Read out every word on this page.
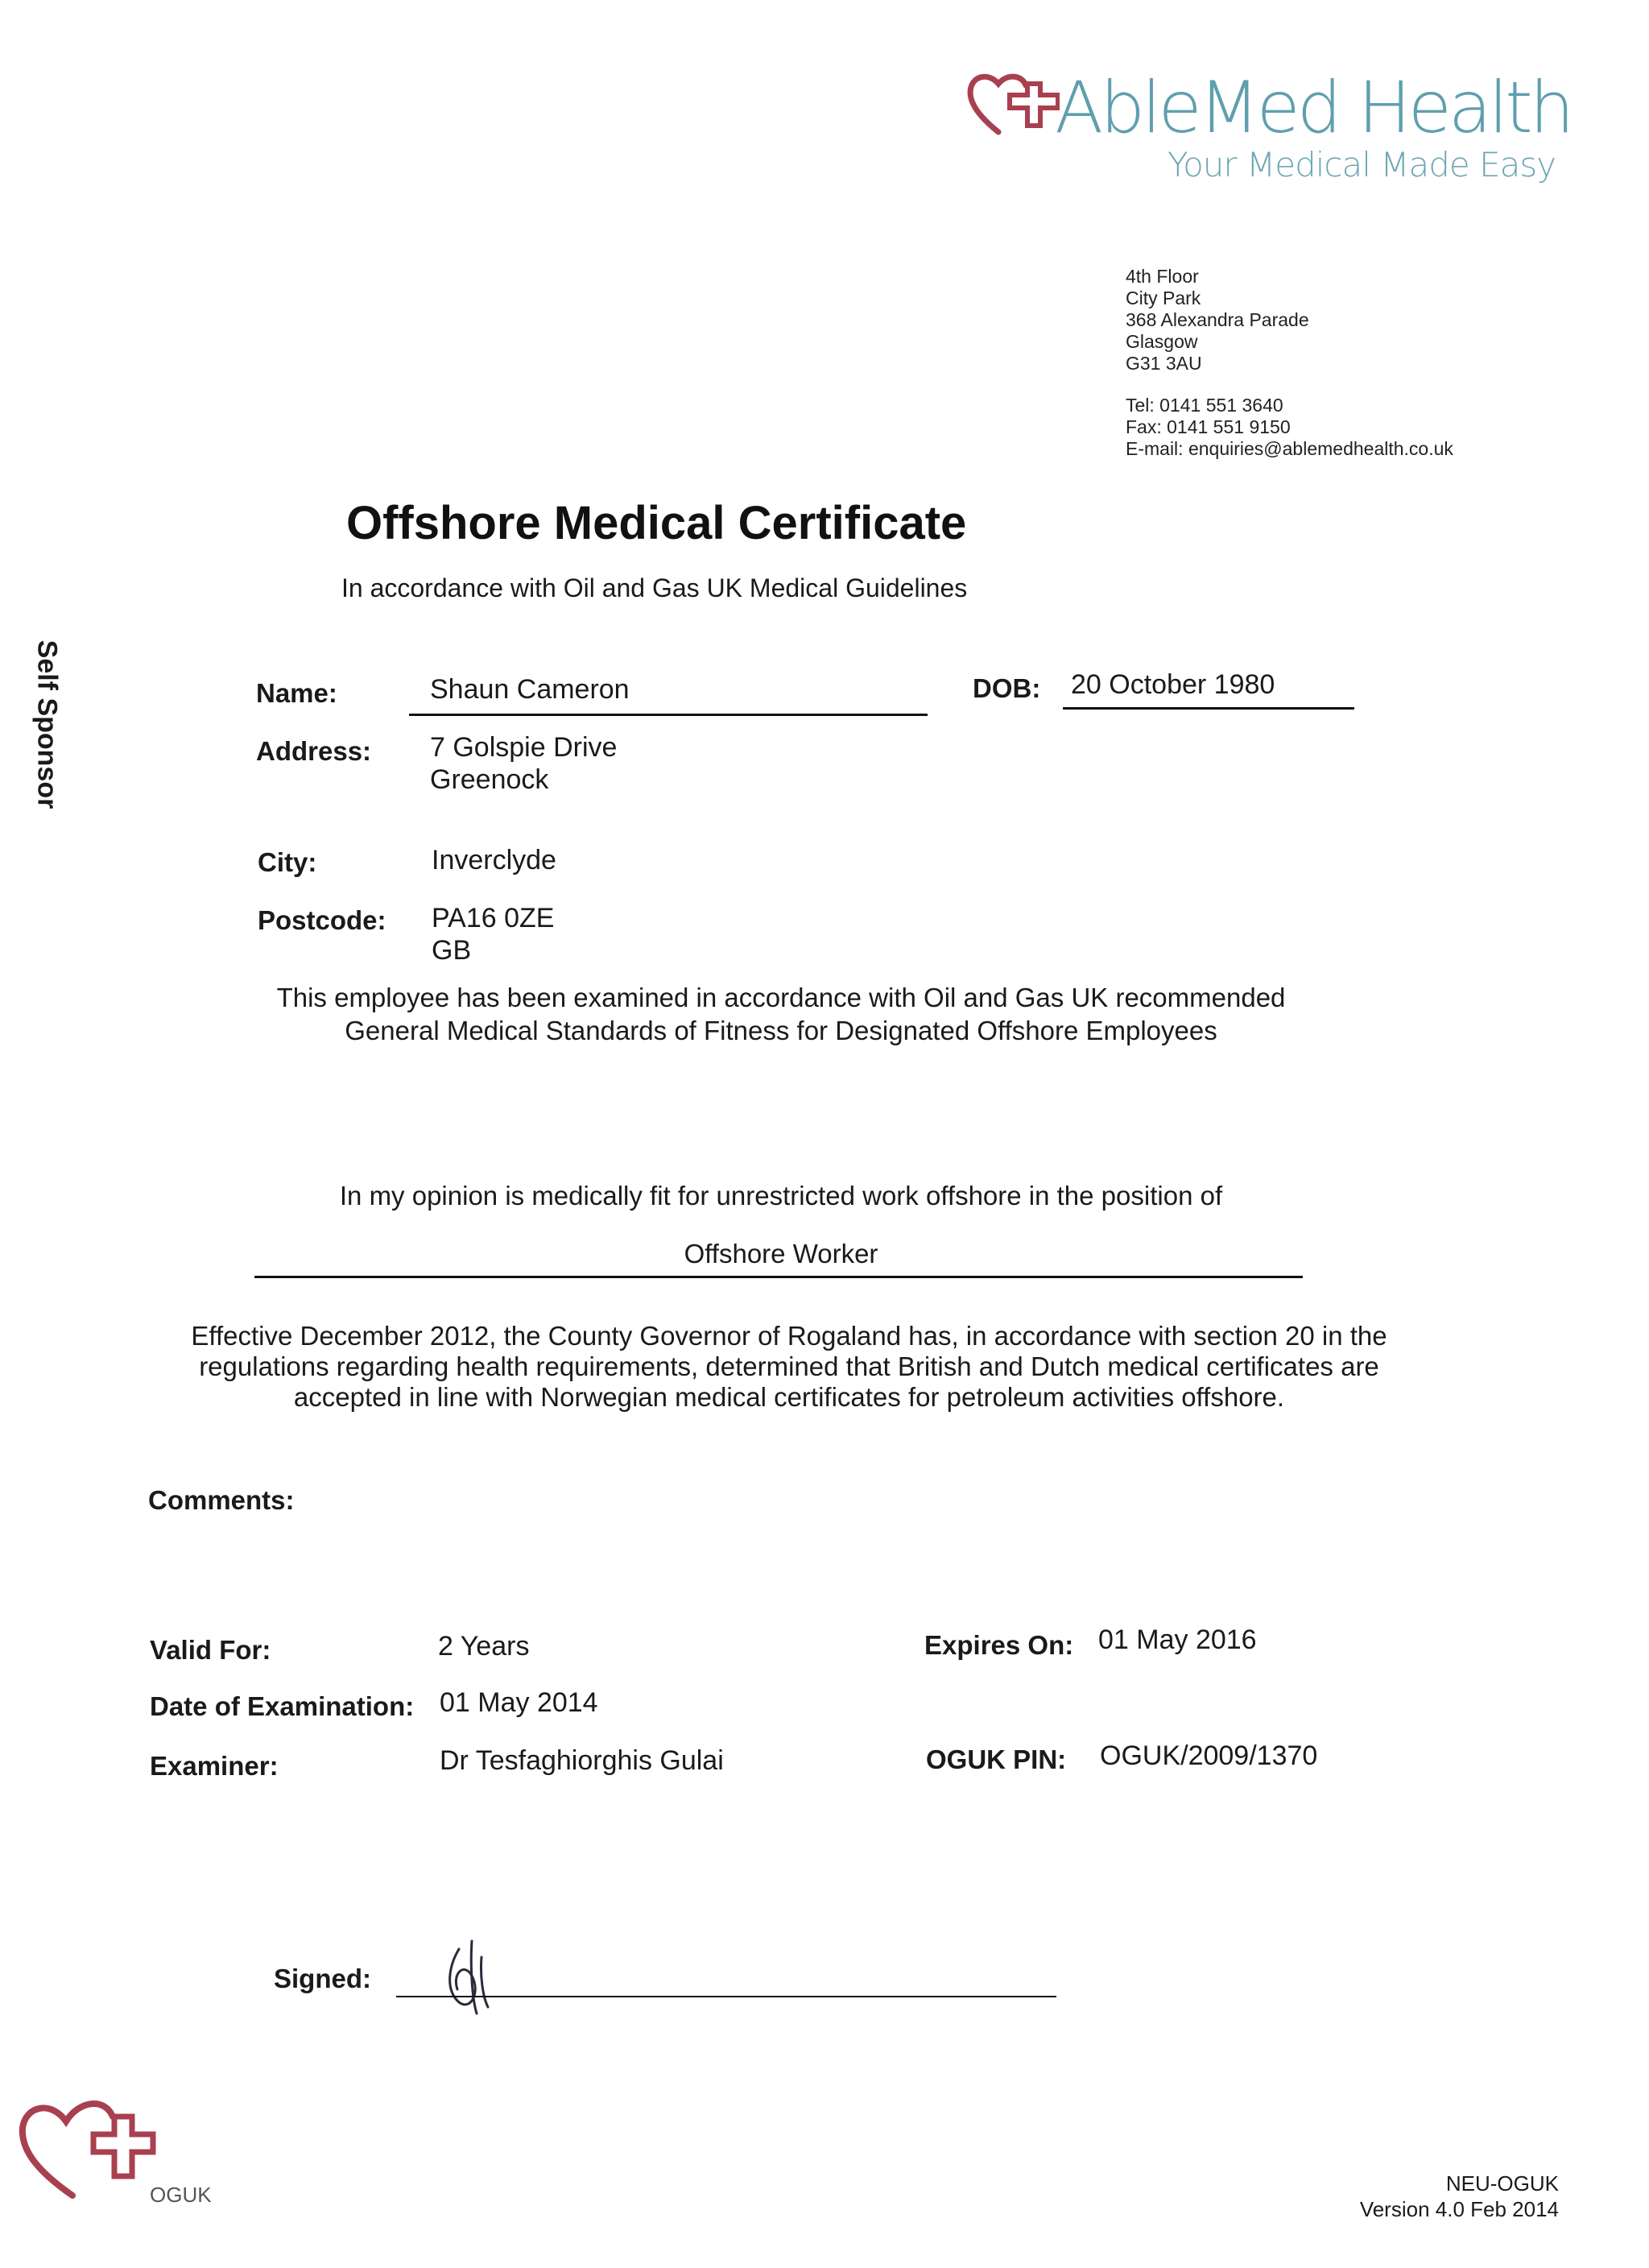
AbleMed Health
Your Medical Made Easy
4th Floor
City Park
368 Alexandra Parade
Glasgow
G31 3AU
Tel: 0141 551 3640
Fax: 0141 551 9150
E-mail: enquiries@ablemedhealth.co.uk
Self Sponsor
Offshore Medical Certificate
In accordance with Oil and Gas UK Medical Guidelines
Name:	Shaun Cameron	DOB: 20 October 1980
Address: 7 Golspie Drive
Greenock
City:	Inverclyde
Postcode: PA16 0ZE
GB
This employee has been examined in accordance with Oil and Gas UK recommended
General Medical Standards of Fitness for Designated Offshore Employees
In my opinion is medically fit for unrestricted work offshore in the position of
Offshore Worker
Effective December 2012, the County Governor of Rogaland has, in accordance with section 20 in the
regulations regarding health requirements, determined that British and Dutch medical certificates are
accepted in line with Norwegian medical certificates for petroleum activities offshore.
Comments:
Valid For:	2 Years	Expires On: 01 May 2016
Date of Examination: 01 May 2014
Examiner:	Dr Tesfaghiorghis Gulai	OGUK PIN: OGUK/2009/1370
Signed:
OGUK	NEU-OGUK
Version 4.0 Feb 2014
